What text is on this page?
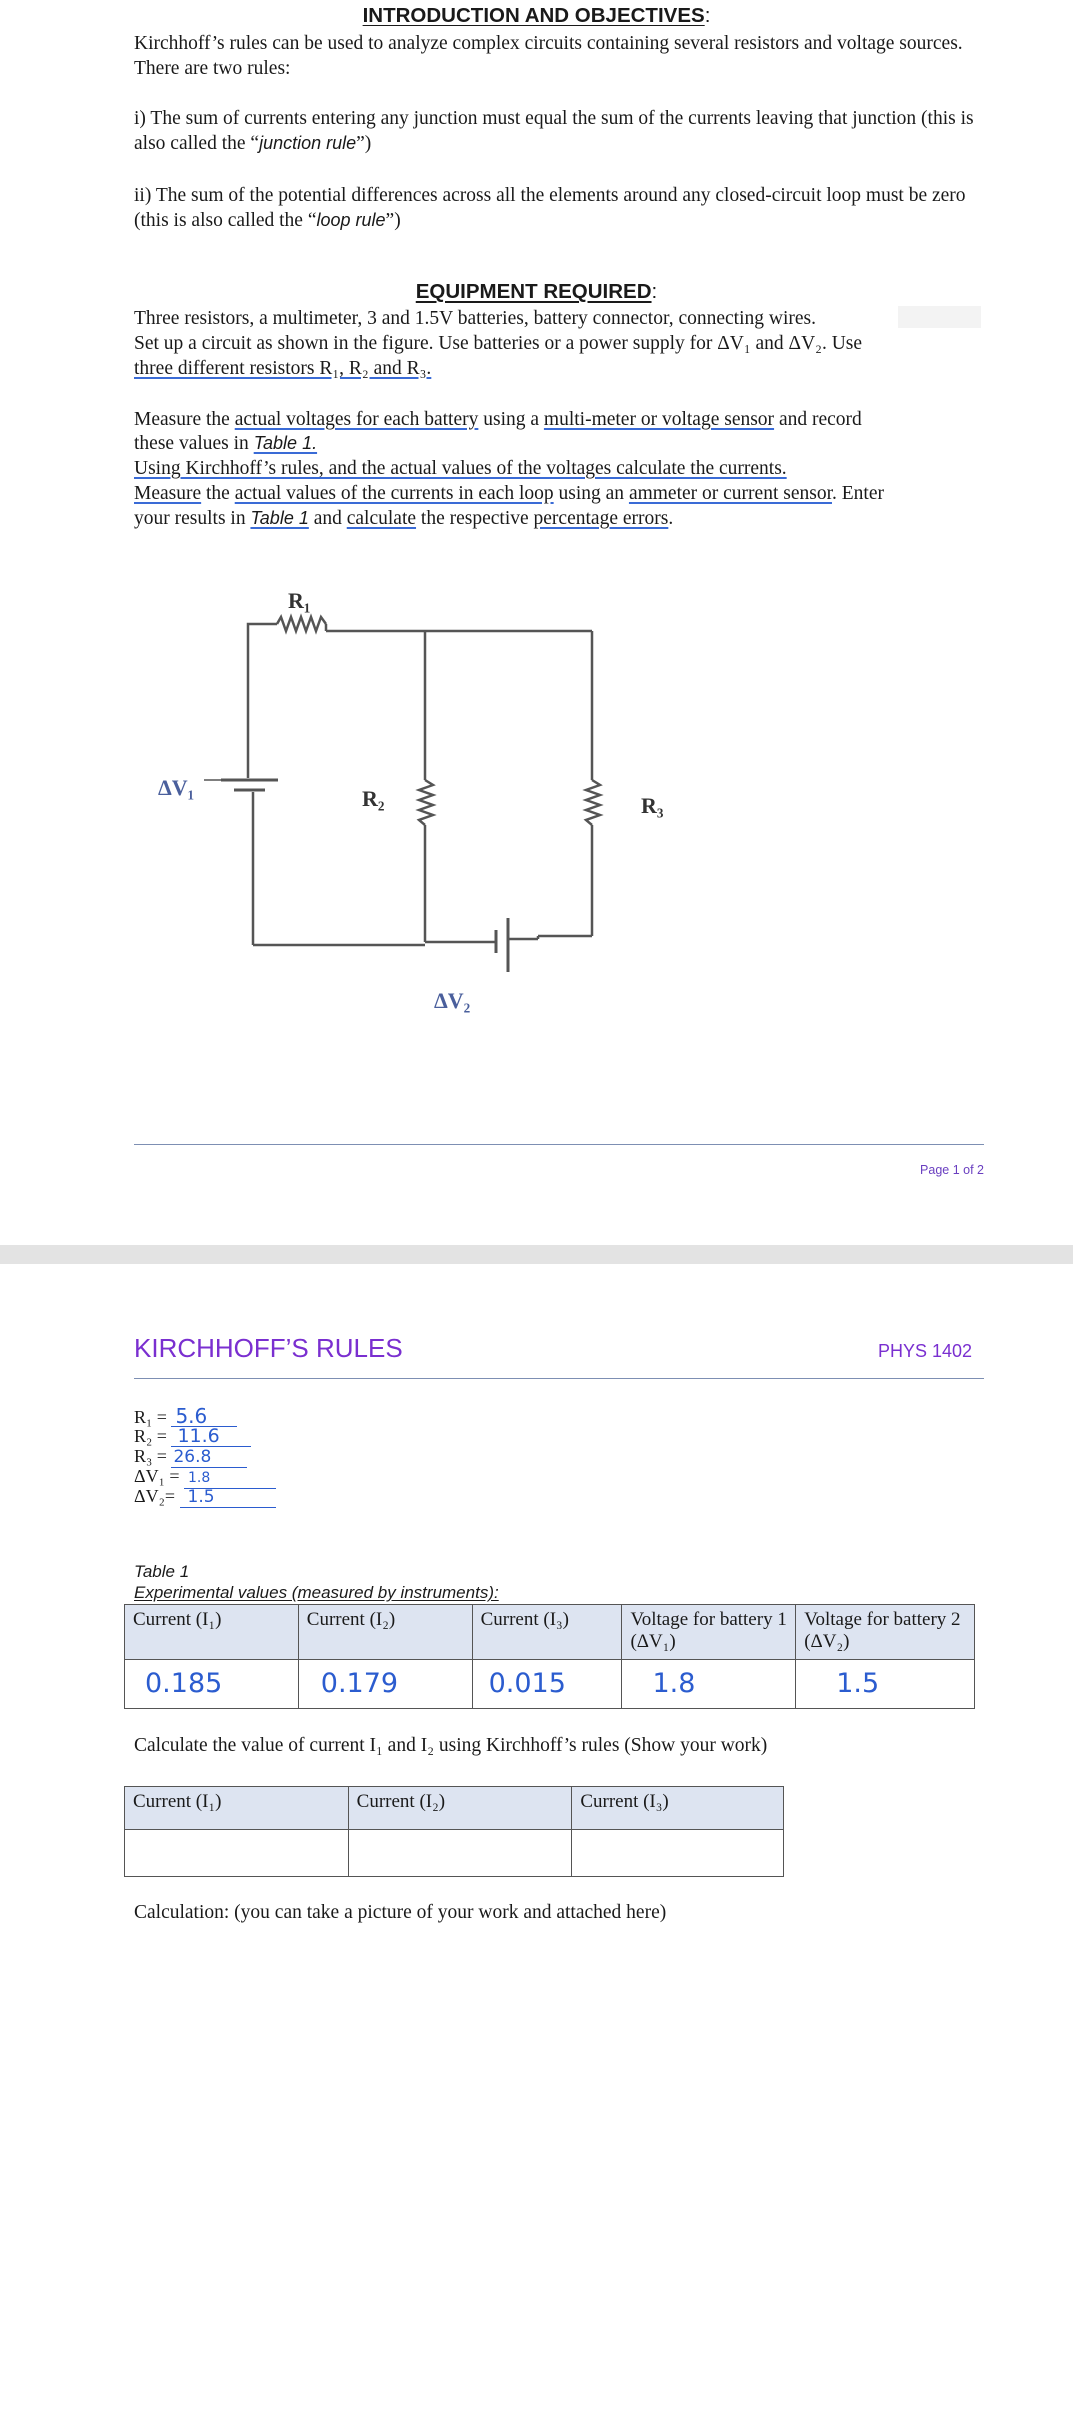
INTRODUCTION AND OBJECTIVES:
Kirchhoff’s rules can be used to analyze complex circuits containing several resistors and voltage sources. There are two rules:
i) The sum of currents entering any junction must equal the sum of the currents leaving that junction (this is also called the “junction rule”)
ii) The sum of the potential differences across all the elements around any closed-circuit loop must be zero (this is also called the “loop rule”)
EQUIPMENT REQUIRED:
Three resistors, a multimeter, 3 and 1.5V batteries, battery connector, connecting wires.
Set up a circuit as shown in the figure. Use batteries or a power supply for ΔV₁ and ΔV₂. Use
three different resistors R₁, R₂ and R₃.
Measure the actual voltages for each battery using a multi-meter or voltage sensor and record
these values in Table 1.
Using Kirchhoff’s rules, and the actual values of the voltages calculate the currents.
Measure the actual values of the currents in each loop using an ammeter or current sensor. Enter
your results in Table 1 and calculate the respective percentage errors.
R₁
ΔV₁	R₂	R₃
ΔV₂
Page 1 of 2
KIRCHHOFF’S RULES	PHYS 1402
R₁ = 5.6
R₂ = 11.6
R₃ = 26.8
ΔV₁ = 1.8
ΔV₂= 1.5
Table 1
Experimental values (measured by instruments):
Current (I₁)	Current (I₂)	Current (I₃)	Voltage for battery 1 (ΔV₁)	Voltage for battery 2 (ΔV₂)
0.185	0.179	0.015	1.8	1.5
Calculate the value of current I₁ and I₂ using Kirchhoff’s rules (Show your work)
Current (I₁)	Current (I₂)	Current (I₃)

Calculation: (you can take a picture of your work and attached here)
